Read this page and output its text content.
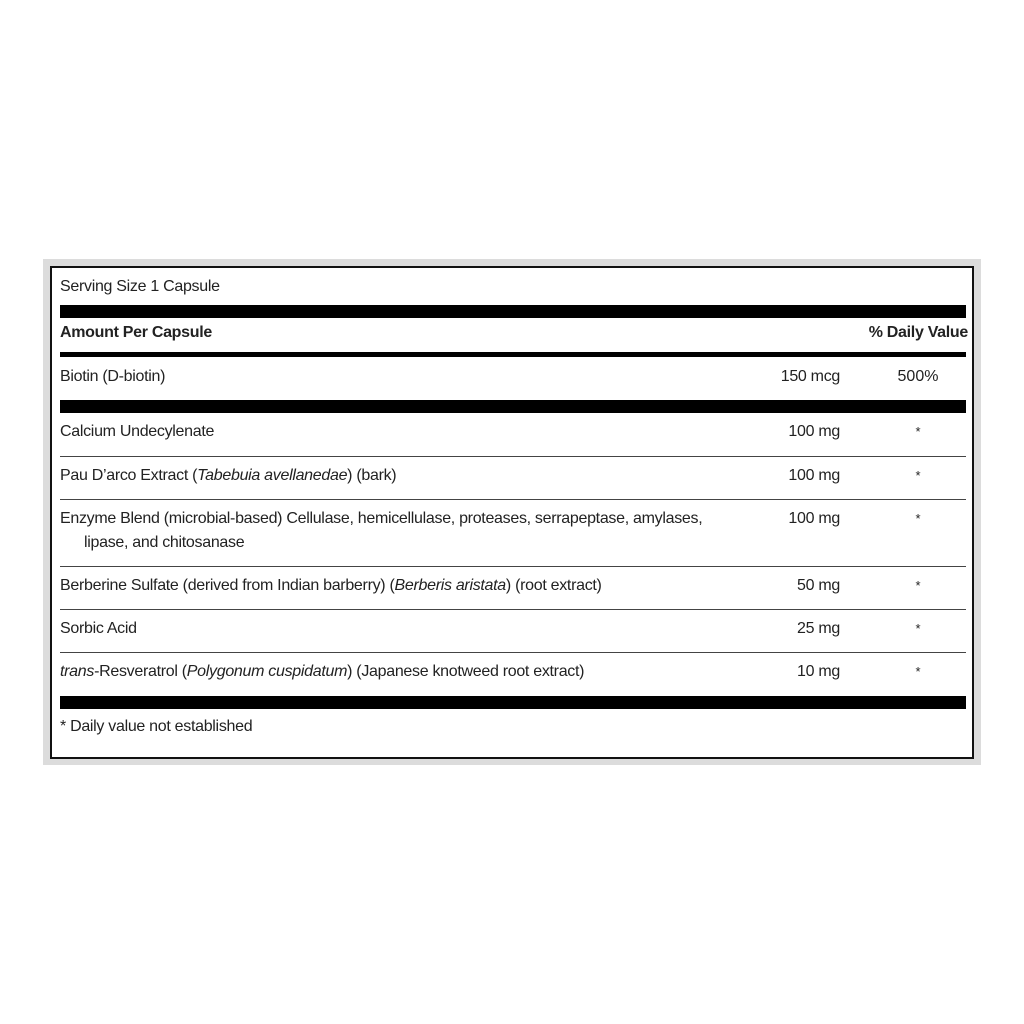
Serving Size 1 Capsule
Amount Per Capsule	% Daily Value
Biotin (D-biotin)	150 mcg	500%
Calcium Undecylenate	100 mg	*
Pau D’arco Extract (Tabebuia avellanedae) (bark)	100 mg	*
Enzyme Blend (microbial-based) Cellulase, hemicellulase, proteases, serrapeptase, amylases,
lipase, and chitosanase
100 mg	*
Berberine Sulfate (derived from Indian barberry) (Berberis aristata) (root extract)	50 mg	*
Sorbic Acid	25 mg	*
trans-Resveratrol (Polygonum cuspidatum) (Japanese knotweed root extract)	10 mg	*
* Daily value not established
